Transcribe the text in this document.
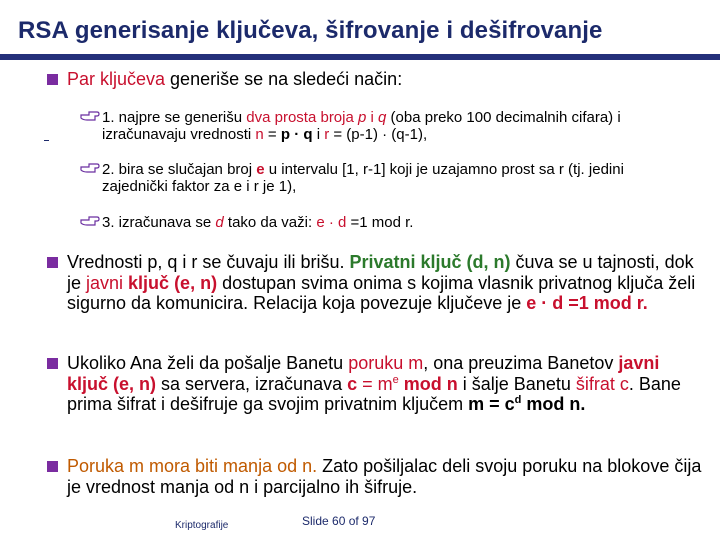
RSA generisanje ključeva, šifrovanje i dešifrovanje
Par ključeva generiše se na sledeći način:
1. najpre se generišu dva prosta broja p i q (oba preko 100 decimalnih cifara) i izračunavaju vrednosti n = p · q i r = (p-1) · (q-1),
2. bira se slučajan broj e u intervalu [1, r-1] koji je uzajamno prost sa r (tj. jedini zajednički faktor za e i r je 1),
3. izračunava se d tako da važi: e · d =1 mod r.
Vrednosti p, q i r se čuvaju ili brišu. Privatni ključ (d, n) čuva se u tajnosti, dok je javni ključ (e, n) dostupan svima onima s kojima vlasnik privatnog ključa želi sigurno da komunicira. Relacija koja povezuje ključeve je e · d =1 mod r.
Ukoliko Ana želi da pošalje Banetu poruku m, ona preuzima Banetov javni ključ (e, n) sa servera, izračunava $c = m^e$ mod n i šalje Banetu šifrat c. Bane prima šifrat i dešifruje ga svojim privatnim ključem $m = c^d$ mod n.
Poruka m mora biti manja od n. Zato pošiljalac deli svoju poruku na blokove čija je vrednost manja od n i parcijalno ih šifruje.
Kriptografije	Slide 60 of 97
